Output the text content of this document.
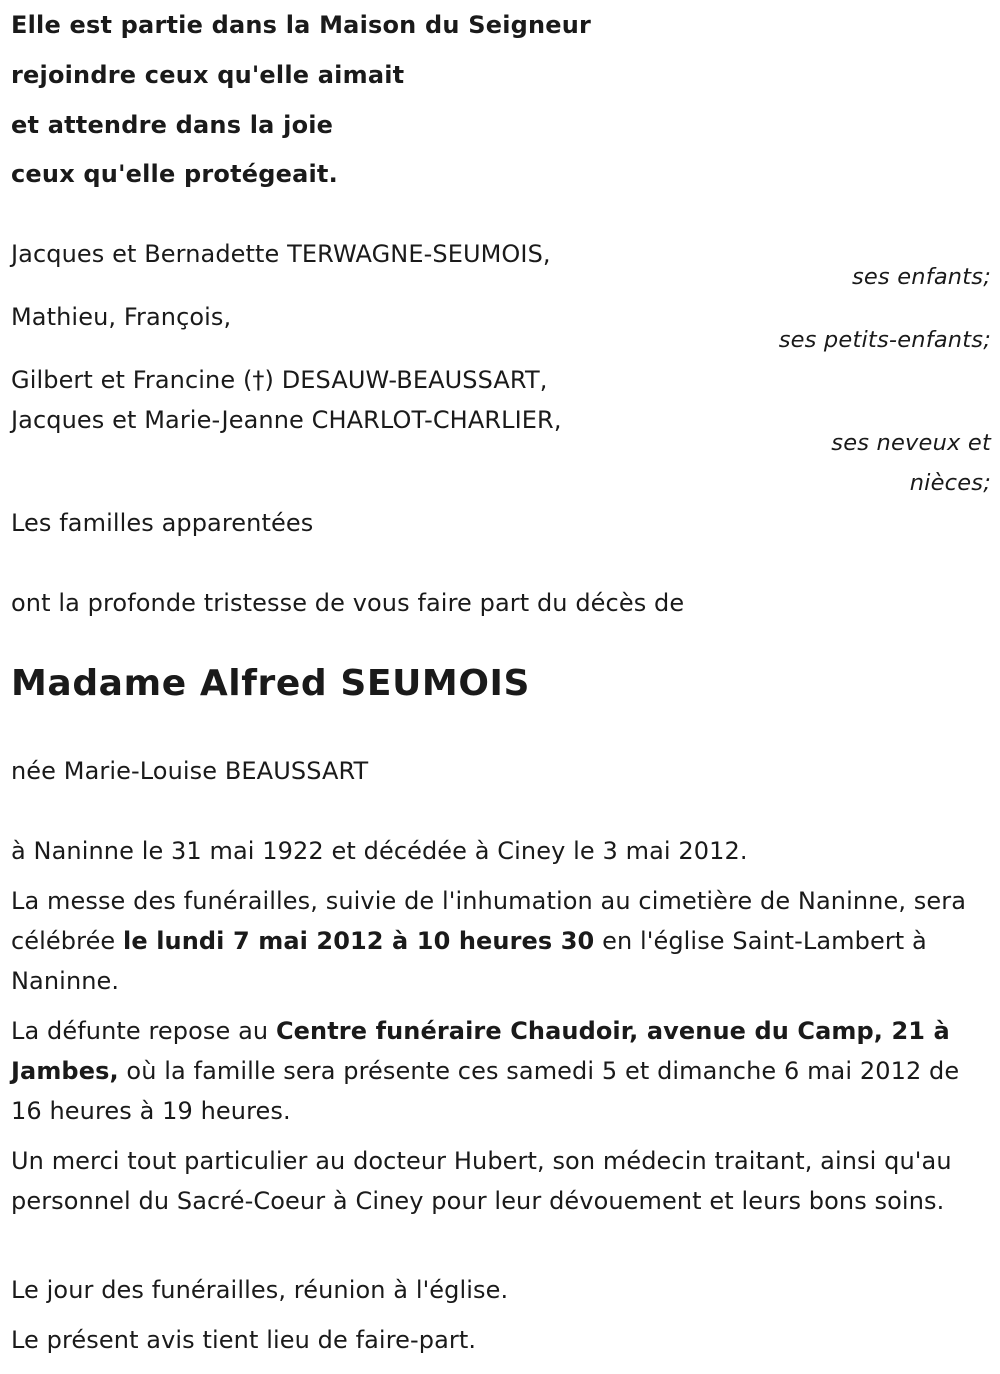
Elle est partie dans la Maison du Seigneur
rejoindre ceux qu'elle aimait
et attendre dans la joie
ceux qu'elle protégeait.
Jacques et Bernadette TERWAGNE-SEUMOIS,
ses enfants;
Mathieu, François,
ses petits-enfants;
Gilbert et Francine (†) DESAUW-BEAUSSART,
Jacques et Marie-Jeanne CHARLOT-CHARLIER,
ses neveux et
nièces;
Les familles apparentées
ont la profonde tristesse de vous faire part du décès de
Madame Alfred SEUMOIS
née Marie-Louise BEAUSSART
à Naninne le 31 mai 1922 et décédée à Ciney le 3 mai 2012.
La messe des funérailles, suivie de l'inhumation au cimetière de Naninne, sera célébrée le lundi 7 mai 2012 à 10 heures 30 en l'église Saint-Lambert à Naninne.
La défunte repose au Centre funéraire Chaudoir, avenue du Camp, 21 à Jambes, où la famille sera présente ces samedi 5 et dimanche 6 mai 2012 de 16 heures à 19 heures.
Un merci tout particulier au docteur Hubert, son médecin traitant, ainsi qu'au personnel du Sacré-Coeur à Ciney pour leur dévouement et leurs bons soins.
Le jour des funérailles, réunion à l'église.
Le présent avis tient lieu de faire-part.
